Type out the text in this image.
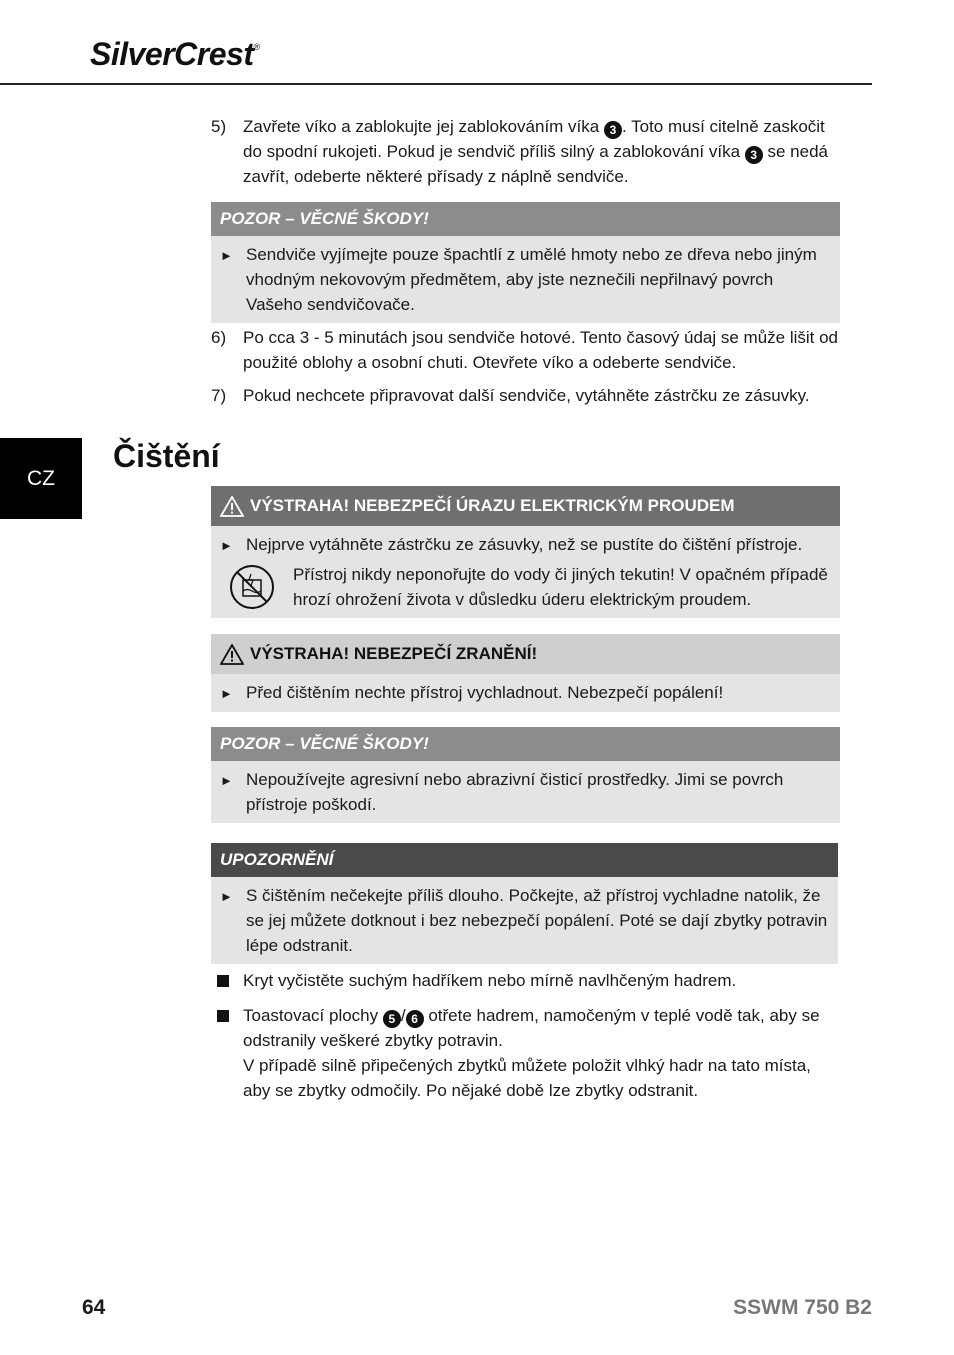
SilverCrest®
CZ
5) Zavřete víko a zablokujte jej zablokováním víka 3 . Toto musí citelně zaskočit do spodní rukojeti. Pokud je sendvič příliš silný a zablokování víka 3 se nedá zavřít, odeberte některé přísady z náplně sendviče.
POZOR – VĚCNÉ ŠKODY!
► Sendviče vyjímejte pouze špachtlí z umělé hmoty nebo ze dřeva nebo jiným vhodným nekovovým předmětem, aby jste neznečili nepřilnavý povrch Vašeho sendvičovače.
6) Po cca 3 - 5 minutách jsou sendviče hotové. Tento časový údaj se může lišit od použité oblohy a osobní chuti. Otevřete víko a odeberte sendviče.
7) Pokud nechcete připravovat další sendviče, vytáhněte zástrčku ze zásuvky.
Čištění
VÝSTRAHA! NEBEZPEČÍ ÚRAZU ELEKTRICKÝM PROUDEM
► Nejprve vytáhněte zástrčku ze zásuvky, než se pustíte do čištění přístroje.
Přístroj nikdy neponořujte do vody či jiných tekutin! V opačném případě hrozí ohrožení života v důsledku úderu elektrickým proudem.
VÝSTRAHA! NEBEZPEČÍ ZRANĚNÍ!
► Před čištěním nechte přístroj vychladnout. Nebezpečí popálení!
POZOR – VĚCNÉ ŠKODY!
► Nepoužívejte agresivní nebo abrazivní čisticí prostředky. Jimi se povrch přístroje poškodí.
UPOZORNĚNÍ
► S čištěním nečekejte příliš dlouho. Počkejte, až přístroj vychladne natolik, že se jej můžete dotknout i bez nebezpečí popálení. Poté se dají zbytky potravin lépe odstranit.
Kryt vyčistěte suchým hadříkem nebo mírně navlhčeným hadrem.
Toastovací plochy 5 / 6 otřete hadrem, namočeným v teplé vodě tak, aby se odstranily veškeré zbytky potravin.
V případě silně připečených zbytků můžete položit vlhký hadr na tato místa, aby se zbytky odmočily. Po nějaké době lze zbytky odstranit.
64	SSWM 750 B2
